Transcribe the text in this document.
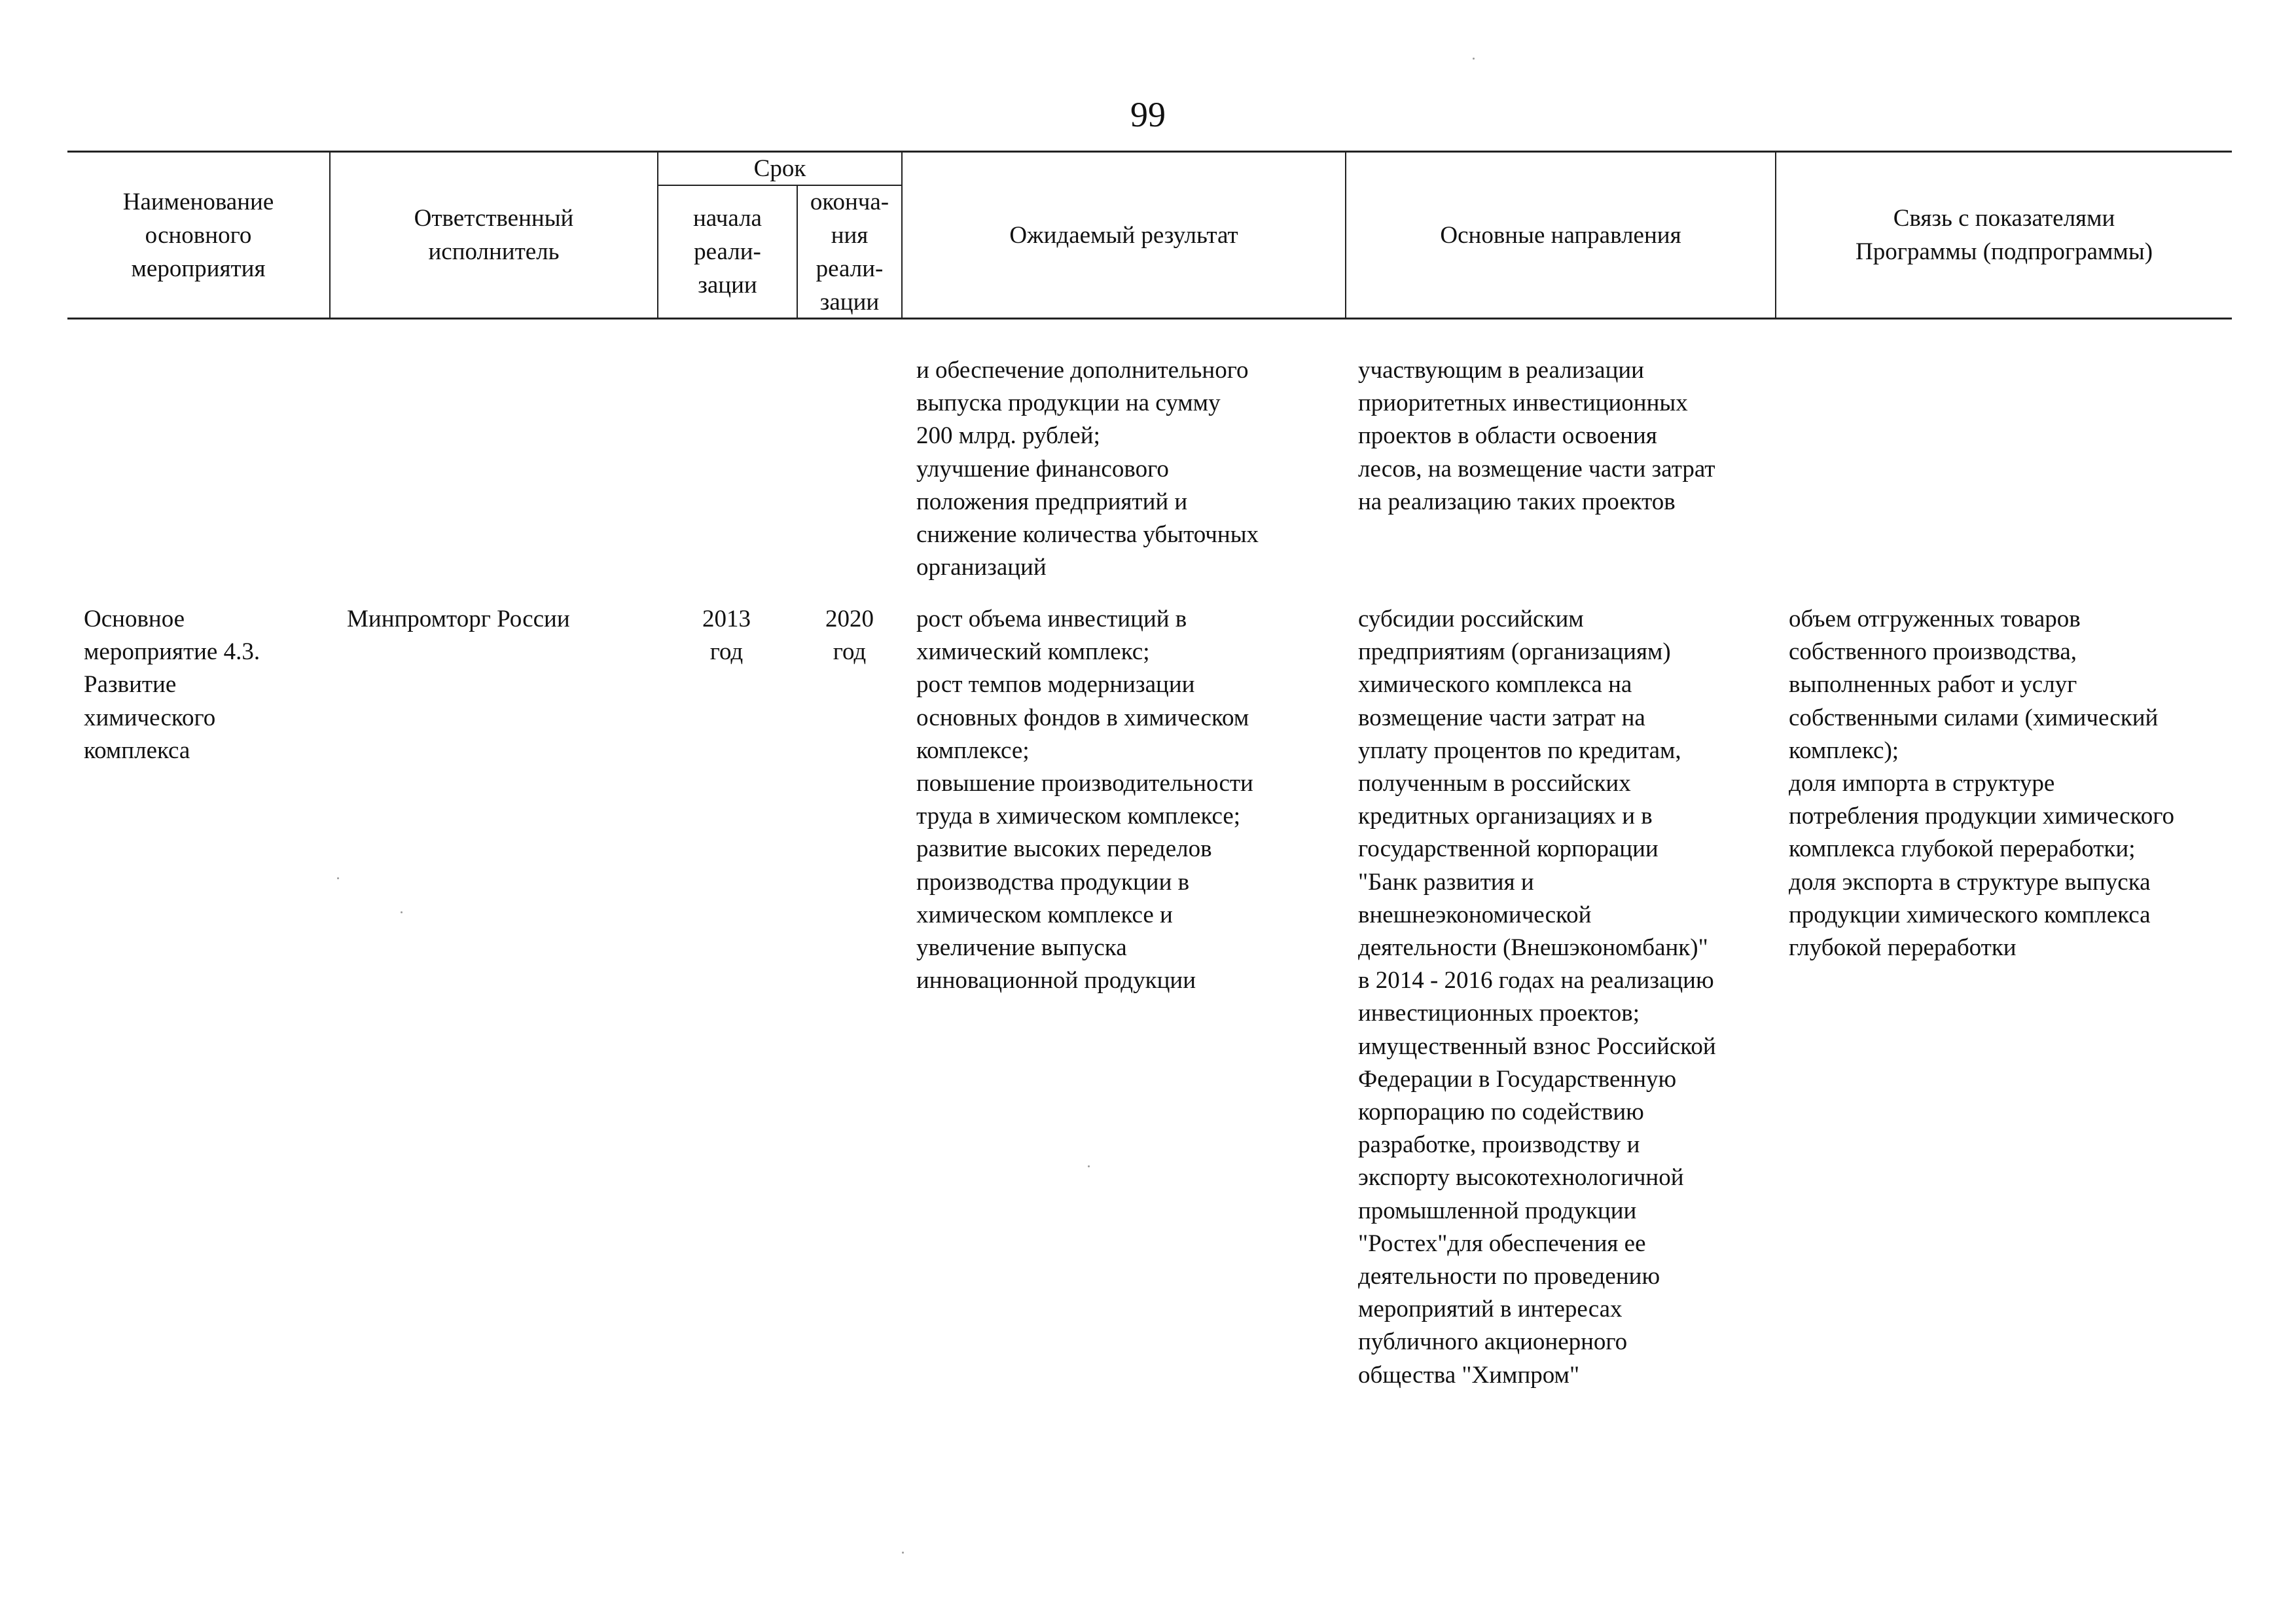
99
Наименование основного мероприятия
Ответственный исполнитель
Срок
начала реали-зации
оконча-ния реали-зации
Ожидаемый результат	Основные направления
Связь с показателями Программы (подпрограммы)
и обеспечение дополнительного
выпуска продукции на сумму
200 млрд. рублей;
улучшение финансового
положения предприятий и
снижение количества убыточных
организаций
участвующим в реализации
приоритетных инвестиционных
проектов в области освоения
лесов, на возмещение части затрат
на реализацию таких проектов
Основное
мероприятие 4.3.
Развитие
химического
комплекса
Минпромторг России	2013
год
2020
год
рост объема инвестиций в
химический комплекс;
рост темпов модернизации
основных фондов в химическом
комплексе;
повышение производительности
труда в химическом комплексе;
развитие высоких переделов
производства продукции в
химическом комплексе и
увеличение выпуска
инновационной продукции
субсидии российским
предприятиям (организациям)
химического комплекса на
возмещение части затрат на
уплату процентов по кредитам,
полученным в российских
кредитных организациях и в
государственной корпорации
"Банк развития и
внешнеэкономической
деятельности (Внешэкономбанк)"
в 2014 - 2016 годах на реализацию
инвестиционных проектов;
имущественный взнос Российской
Федерации в Государственную
корпорацию по содействию
разработке, производству и
экспорту высокотехнологичной
промышленной продукции
"Ростех"для обеспечения ее
деятельности по проведению
мероприятий в интересах
публичного акционерного
общества "Химпром"
объем отгруженных товаров
собственного производства,
выполненных работ и услуг
собственными силами (химический
комплекс);
доля импорта в структуре
потребления продукции химического
комплекса глубокой переработки;
доля экспорта в структуре выпуска
продукции химического комплекса
глубокой переработки
